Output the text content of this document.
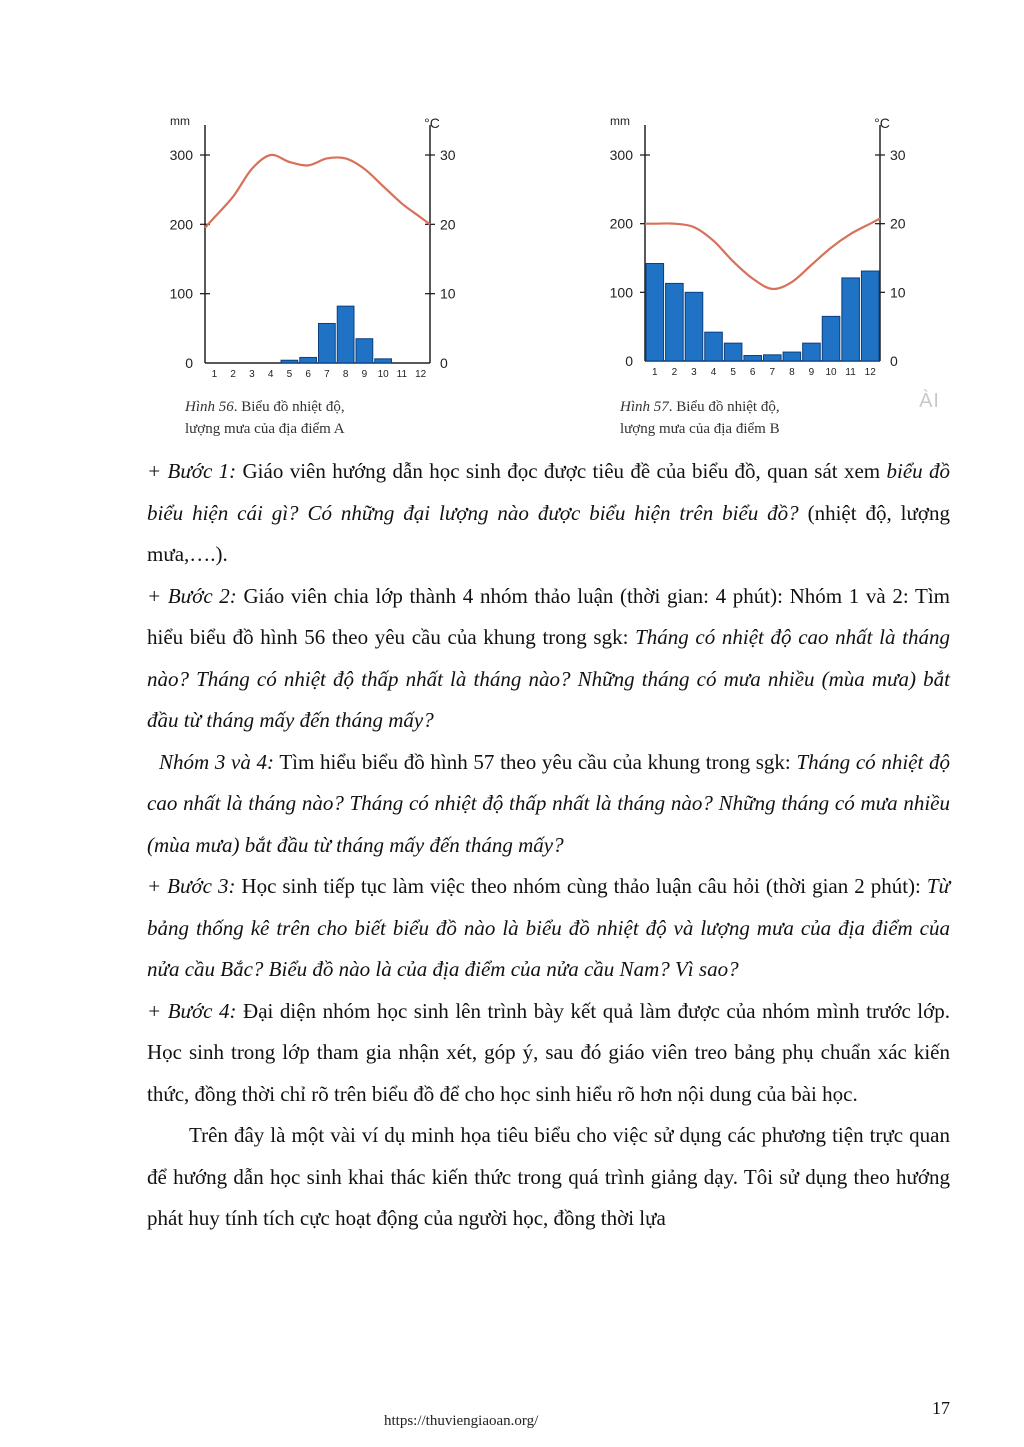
mm	°C
300	30
200	20
100	10
0	0
1 2 3 4 5 6 7 8 9 10 11 12
Hình 56. Biểu đồ nhiệt độ,
lượng mưa của địa điểm A
mm	°C
300	30
200	20
100	10
0	0
1 2 3 4 5 6 7 8 9 10 11 12
Hình 57. Biểu đồ nhiệt độ,
lượng mưa của địa điểm B
ÀI

+ Bước 1: Giáo viên hướng dẫn học sinh đọc được tiêu đề của biểu đồ, quan sát xem biểu đồ biểu hiện cái gì? Có những đại lượng nào được biểu hiện trên biểu đồ? (nhiệt độ, lượng mưa,….).

+ Bước 2: Giáo viên chia lớp thành 4 nhóm thảo luận (thời gian: 4 phút): Nhóm 1 và 2: Tìm hiểu biểu đồ hình 56 theo yêu cầu của khung trong sgk: Tháng có nhiệt độ cao nhất là tháng nào? Tháng có nhiệt độ thấp nhất là tháng nào? Những tháng có mưa nhiều (mùa mưa) bắt đầu từ tháng mấy đến tháng mấy?

Nhóm 3 và 4: Tìm hiểu biểu đồ hình 57 theo yêu cầu của khung trong sgk: Tháng có nhiệt độ cao nhất là tháng nào? Tháng có nhiệt độ thấp nhất là tháng nào? Những tháng có mưa nhiều (mùa mưa) bắt đầu từ tháng mấy đến tháng mấy?

+ Bước 3: Học sinh tiếp tục làm việc theo nhóm cùng thảo luận câu hỏi (thời gian 2 phút): Từ bảng thống kê trên cho biết biểu đồ nào là biểu đồ nhiệt độ và lượng mưa của địa điểm của nửa cầu Bắc? Biểu đồ nào là của địa điểm của nửa cầu Nam? Vì sao?

+ Bước 4: Đại diện nhóm học sinh lên trình bày kết quả làm được của nhóm mình trước lớp. Học sinh trong lớp tham gia nhận xét, góp ý, sau đó giáo viên treo bảng phụ chuẩn xác kiến thức, đồng thời chỉ rõ trên biểu đồ để cho học sinh hiểu rõ hơn nội dung của bài học.

Trên đây là một vài ví dụ minh họa tiêu biểu cho việc sử dụng các phương tiện trực quan để hướng dẫn học sinh khai thác kiến thức trong quá trình giảng dạy. Tôi sử dụng theo hướng phát huy tính tích cực hoạt động của người học, đồng thời lựa

17
https://thuviengiaoan.org/
